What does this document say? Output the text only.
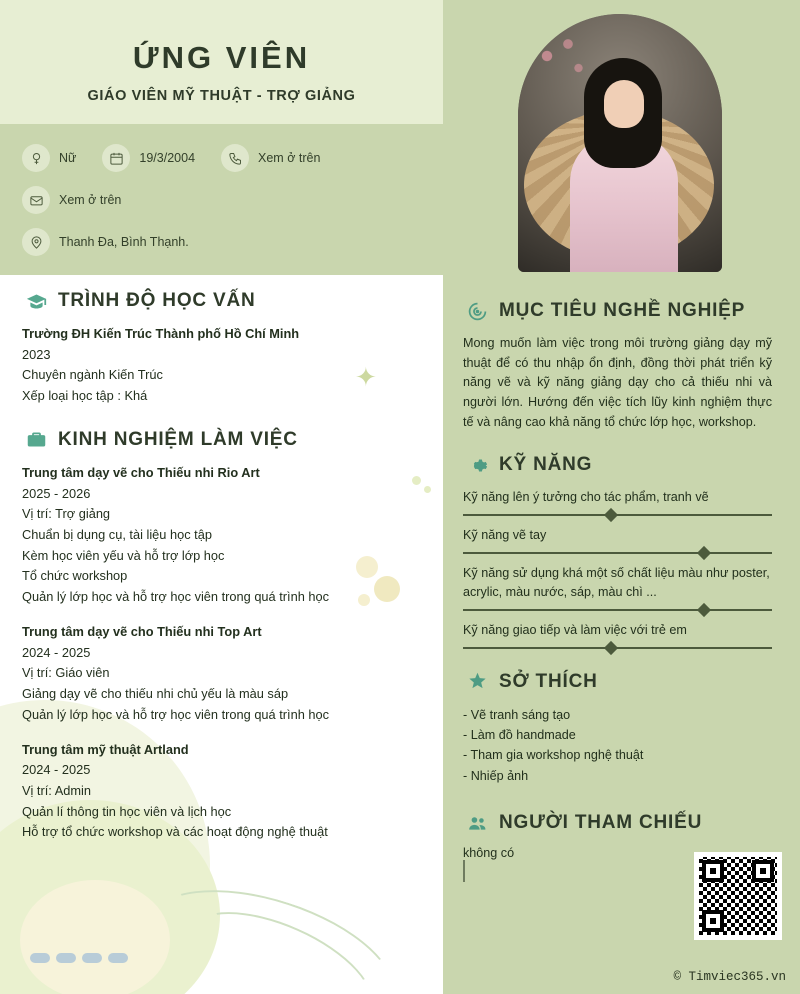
✦
ỨNG VIÊN
GIÁO VIÊN MỸ THUẬT - TRỢ GIẢNG
Nữ	19/3/2004	Xem ở trên
Xem ở trên
Thanh Đa, Bình Thạnh.
TRÌNH ĐỘ HỌC VẤN
Trường ĐH Kiến Trúc Thành phố Hồ Chí Minh
2023
Chuyên ngành Kiến Trúc
Xếp loại học tập : Khá
KINH NGHIỆM LÀM VIỆC
Trung tâm dạy vẽ cho Thiếu nhi Rio Art
2025 - 2026
Vị trí: Trợ giảng
Chuẩn bị dụng cụ, tài liệu học tập
Kèm học viên yếu và hỗ trợ lớp học
Tổ chức workshop
Quản lý lớp học và hỗ trợ học viên trong quá trình học
Trung tâm dạy vẽ cho Thiếu nhi Top Art
2024 - 2025
Vị trí: Giáo viên
Giảng dạy vẽ cho thiếu nhi chủ yếu là màu sáp
Quản lý lớp học và hỗ trợ học viên trong quá trình học
Trung tâm mỹ thuật Artland
2024 - 2025
Vị trí: Admin
Quản lí thông tin học viên và lịch học
Hỗ trợ tổ chức workshop và các hoạt động nghệ thuật
MỤC TIÊU NGHỀ NGHIỆP
Mong muốn làm việc trong môi trường giảng dạy mỹ thuật để có thu nhập ổn định, đồng thời phát triển kỹ năng vẽ và kỹ năng giảng dạy cho cả thiếu nhi và người lớn. Hướng đến việc tích lũy kinh nghiệm thực tế và nâng cao khả năng tổ chức lớp học, workshop.
KỸ NĂNG
Kỹ năng lên ý tưởng cho tác phẩm, tranh vẽ
Kỹ năng vẽ tay
Kỹ năng sử dụng khá một số chất liệu màu như poster, acrylic, màu nước, sáp, màu chì ...
Kỹ năng giao tiếp và làm việc với trẻ em
SỞ THÍCH
- Vẽ tranh sáng tạo
- Làm đồ handmade
- Tham gia workshop nghệ thuật
- Nhiếp ảnh
NGƯỜI THAM CHIẾU
không có
© Timviec365.vn
